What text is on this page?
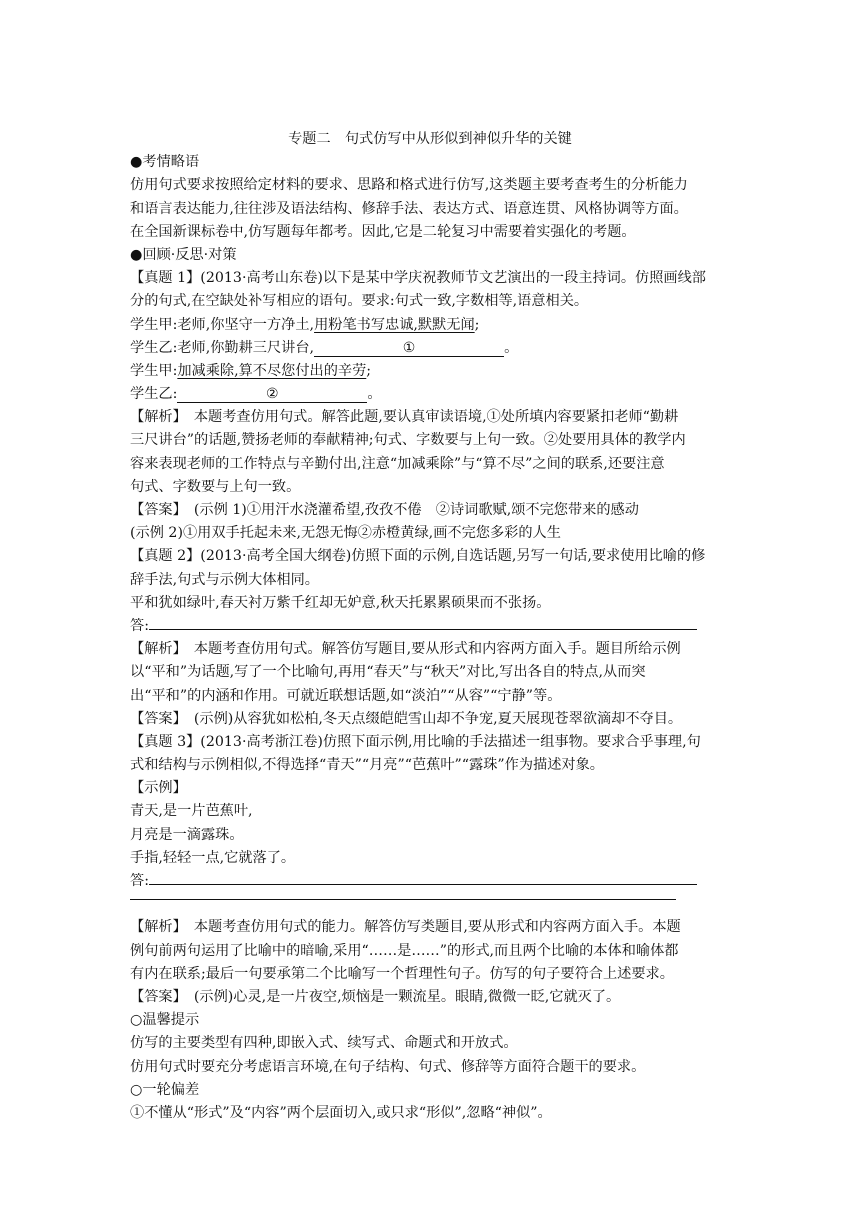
专题二　句式仿写中从形似到神似升华的关键
●考情略语
仿用句式要求按照给定材料的要求、思路和格式进行仿写,这类题主要考查考生的分析能力
和语言表达能力,往往涉及语法结构、修辞手法、表达方式、语意连贯、风格协调等方面。
在全国新课标卷中,仿写题每年都考。因此,它是二轮复习中需要着实强化的考题。
●回顾·反思·对策
【真题 1】(2013·高考山东卷)以下是某中学庆祝教师节文艺演出的一段主持词。仿照画线部
分的句式,在空缺处补写相应的语句。要求:句式一致,字数相等,语意相关。
学生甲:老师,你坚守一方净土,用粉笔书写忠诚,默默无闻;
学生乙:老师,你勤耕三尺讲台,	①	。
学生甲:加减乘除,算不尽您付出的辛劳;
学生乙:	②	。
【解析】　本题考查仿用句式。解答此题,要认真审读语境,①处所填内容要紧扣老师“勤耕
三尺讲台”的话题,赞扬老师的奉献精神;句式、字数要与上句一致。②处要用具体的教学内
容来表现老师的工作特点与辛勤付出,注意“加减乘除”与“算不尽”之间的联系,还要注意
句式、字数要与上句一致。
【答案】　(示例 1)①用汗水浇灌希望,孜孜不倦　②诗词歌赋,颂不完您带来的感动
(示例 2)①用双手托起未来,无怨无悔②赤橙黄绿,画不完您多彩的人生
【真题 2】(2013·高考全国大纲卷)仿照下面的示例,自选话题,另写一句话,要求使用比喻的修
辞手法,句式与示例大体相同。
平和犹如绿叶,春天衬万紫千红却无妒意,秋天托累累硕果而不张扬。
答:
【解析】　本题考查仿用句式。解答仿写题目,要从形式和内容两方面入手。题目所给示例
以“平和”为话题,写了一个比喻句,再用“春天”与“秋天”对比,写出各自的特点,从而突
出“平和”的内涵和作用。可就近联想话题,如“淡泊”“从容”“宁静”等。
【答案】　(示例)从容犹如松柏,冬天点缀皑皑雪山却不争宠,夏天展现苍翠欲滴却不夺目。
【真题 3】(2013·高考浙江卷)仿照下面示例,用比喻的手法描述一组事物。要求合乎事理,句
式和结构与示例相似,不得选择“青天”“月亮”“芭蕉叶”“露珠”作为描述对象。
【示例】
青天,是一片芭蕉叶,
月亮是一滴露珠。
手指,轻轻一点,它就落了。
答:
【解析】　本题考查仿用句式的能力。解答仿写类题目,要从形式和内容两方面入手。本题
例句前两句运用了比喻中的暗喻,采用“……是……”的形式,而且两个比喻的本体和喻体都
有内在联系;最后一句要承第二个比喻写一个哲理性句子。仿写的句子要符合上述要求。
【答案】　(示例)心灵,是一片夜空,烦恼是一颗流星。眼睛,微微一眨,它就灭了。
○温馨提示
仿写的主要类型有四种,即嵌入式、续写式、命题式和开放式。
仿用句式时要充分考虑语言环境,在句子结构、句式、修辞等方面符合题干的要求。
○一轮偏差
①不懂从“形式”及“内容”两个层面切入,或只求“形似”,忽略“神似”。
